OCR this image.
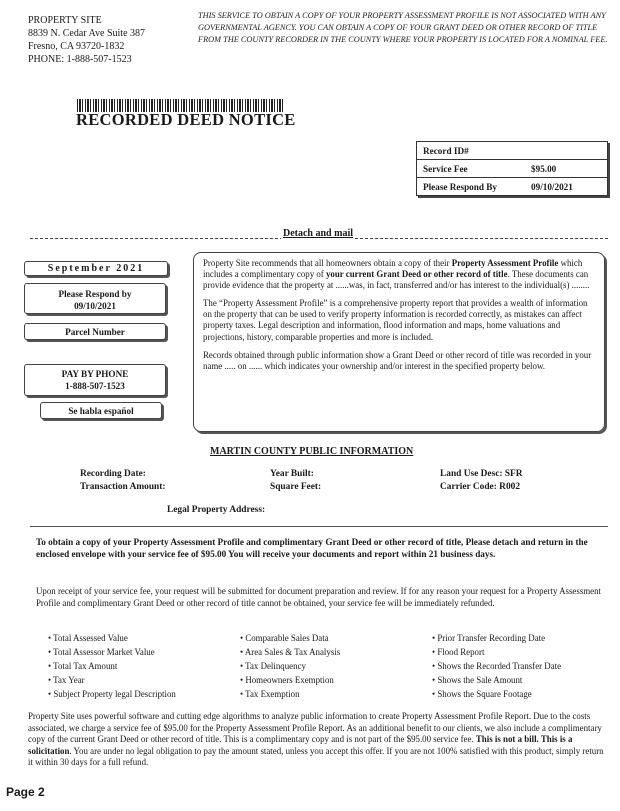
PROPERTY SITE
8839 N. Cedar Ave Suite 387
Fresno, CA 93720-1832
PHONE: 1-888-507-1523
THIS SERVICE TO OBTAIN A COPY OF YOUR PROPERTY ASSESSMENT PROFILE IS NOT ASSOCIATED WITH ANY GOVERNMENTAL AGENCY. YOU CAN OBTAIN A COPY OF YOUR GRANT DEED OR OTHER RECORD OF TITLE FROM THE COUNTY RECORDER IN THE COUNTY WHERE YOUR PROPERTY IS LOCATED FOR A NOMINAL FEE.
RECORDED DEED NOTICE
Record ID#
Service Fee	$95.00
Please Respond By	09/10/2021
Detach and mail
September 2021
Please Respond by
09/10/2021
Parcel Number
PAY BY PHONE
1-888-507-1523
Se habla español

Property Site recommends that all homeowners obtain a copy of their Property Assessment Profile which includes a complimentary copy of your current Grant Deed or other record of title. These documents can provide evidence that the property at ......was, in fact, transferred and/or has interest to the individual(s) ........

The “Property Assessment Profile” is a comprehensive property report that provides a wealth of information on the property that can be used to verify property information is recorded correctly, as mistakes can affect property taxes. Legal description and information, flood information and maps, home valuations and projections, history, comparable properties and more is included.

Records obtained through public information show a Grant Deed or other record of title was recorded in your name ..... on ...... which indicates your ownership and/or interest in the specified property below.

MARTIN COUNTY PUBLIC INFORMATION
Recording Date:
Transaction Amount:
Year Built:
Square Feet:
Land Use Desc: SFR
Carrier Code: R002
Legal Property Address:
To obtain a copy of your Property Assessment Profile and complimentary Grant Deed or other record of title, Please detach and return in the enclosed envelope with your service fee of $95.00 You will receive your documents and report within 21 business days.
Upon receipt of your service fee, your request will be submitted for document preparation and review. If for any reason your request for a Property Assessment Profile and complimentary Grant Deed or other record of title cannot be obtained, your service fee will be immediately refunded.
• Total Assessed Value
• Total Assessor Market Value
• Total Tax Amount
• Tax Year
• Subject Property legal Description
• Comparable Sales Data
• Area Sales & Tax Analysis
• Tax Delinquency
• Homeowners Exemption
• Tax Exemption
• Prior Transfer Recording Date
• Flood Report
• Shows the Recorded Transfer Date
• Shows the Sale Amount
• Shows the Square Footage
Property Site uses powerful software and cutting edge algorithms to analyze public information to create Property Assessment Profile Report. Due to the costs associated, we charge a service fee of $95.00 for the Property Assessment Profile Report. As an additional benefit to our clients, we also include a complimentary copy of the current Grant Deed or other record of title. This is a complimentary copy and is not part of the $95.00 service fee. This is not a bill. This is a solicitation. You are under no legal obligation to pay the amount stated, unless you accept this offer. If you are not 100% satisfied with this product, simply return it within 30 days for a full refund.
Page 2
